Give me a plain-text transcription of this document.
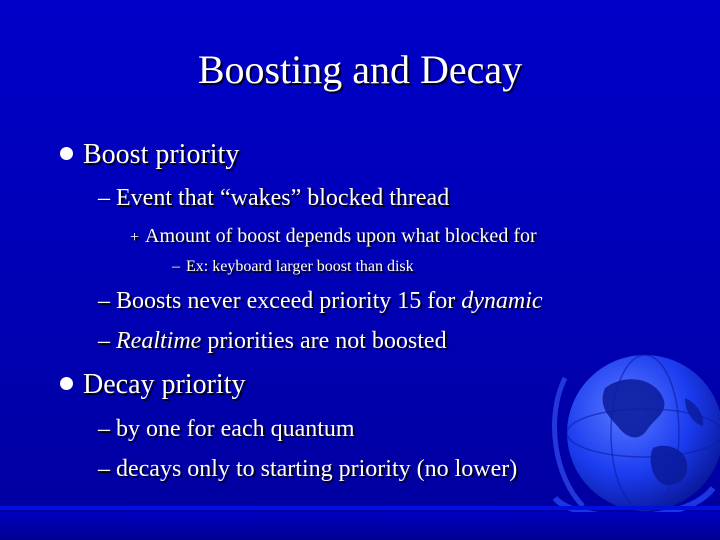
Boosting and Decay
Boost priority
– Event that “wakes” blocked thread
+ Amount of boost depends upon what blocked for
– Ex: keyboard larger boost than disk
– Boosts never exceed priority 15 for dynamic
– Realtime priorities are not boosted
Decay priority
– by one for each quantum
– decays only to starting priority (no lower)
